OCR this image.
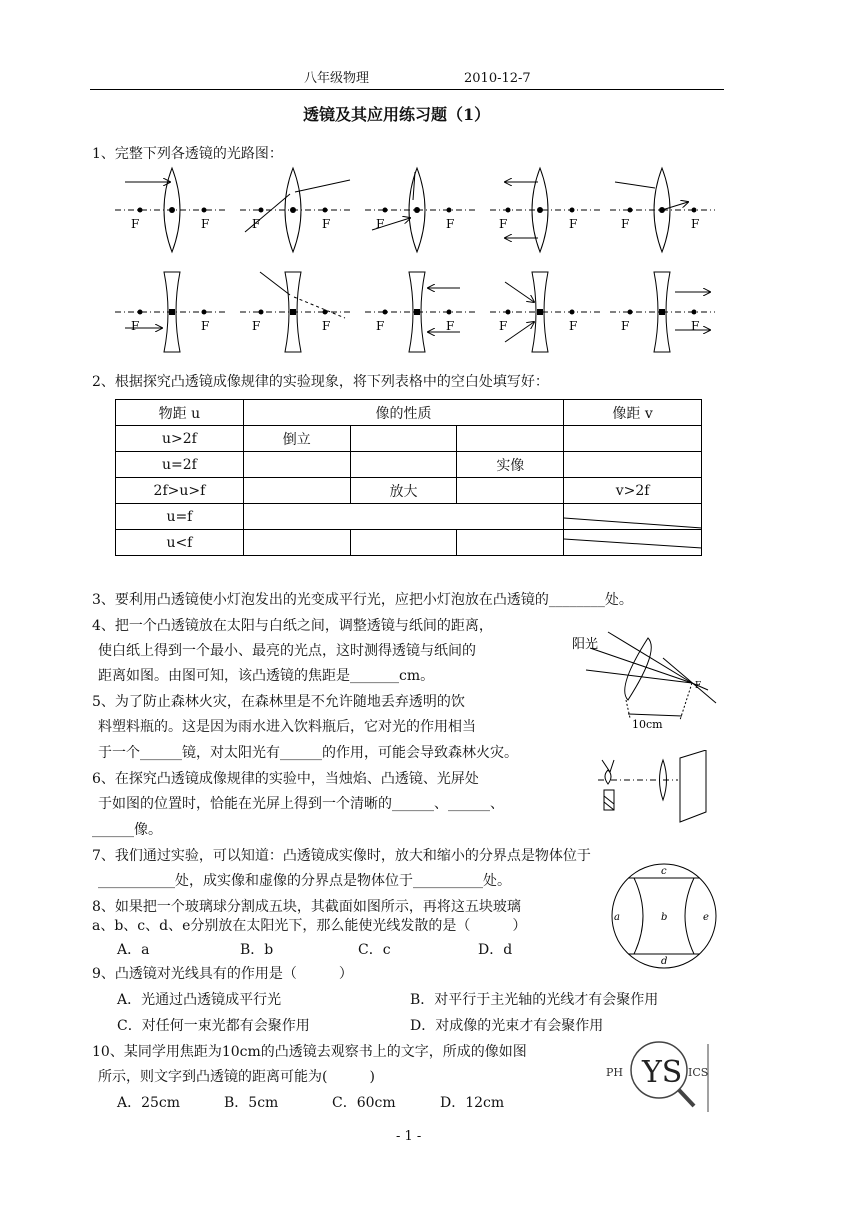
八年级物理	2010-12-7
透镜及其应用练习题（1）
1、完整下列各透镜的光路图：
F	F	F	F	F	F	F	F	F	F
F	F	F	F	F	F	F	F	F	F
2、根据探究凸透镜成像规律的实验现象，将下列表格中的空白处填写好：
物距 u	像的性质			像距 v
u>2f	倒立			
u=2f			实像	
2f>u>f		放大		v>2f
u=f		

u<f				
3、要利用凸透镜使小灯泡发出的光变成平行光，应把小灯泡放在凸透镜的________处。
4、把一个凸透镜放在太阳与白纸之间，调整透镜与纸间的距离，
使白纸上得到一个最小、最亮的光点，这时测得透镜与纸间的
距离如图。由图可知，该凸透镜的焦距是_______cm。
阳光
10cm
F
5、为了防止森林火灾，在森林里是不允许随地丢弃透明的饮
料塑料瓶的。这是因为雨水进入饮料瓶后，它对光的作用相当
于一个______镜，对太阳光有______的作用，可能会导致森林火灾。
6、在探究凸透镜成像规律的实验中，当烛焰、凸透镜、光屏处
于如图的位置时，恰能在光屏上得到一个清晰的______、______、
______像。
7、我们通过实验，可以知道：凸透镜成实像时，放大和缩小的分界点是物体位于
___________处，成实像和虚像的分界点是物体位于__________处。
8、如果把一个玻璃球分割成五块，其截面如图所示，再将这五块玻璃
a、b、c、d、e分别放在太阳光下，那么能使光线发散的是（　　　）
A．a	B．b	C．c	D．d
a	b
c
d
e
9、凸透镜对光线具有的作用是（　　　）
A．光通过凸透镜成平行光	B．对平行于主光轴的光线才有会聚作用
C．对任何一束光都有会聚作用	D．对成像的光束才有会聚作用
10、某同学用焦距为10cm的凸透镜去观察书上的文字，所成的像如图
所示，则文字到凸透镜的距离可能为(　　　)
A．25cm	B．5cm	C．60cm	D．12cm
PH	ICS
YS
- 1 -
